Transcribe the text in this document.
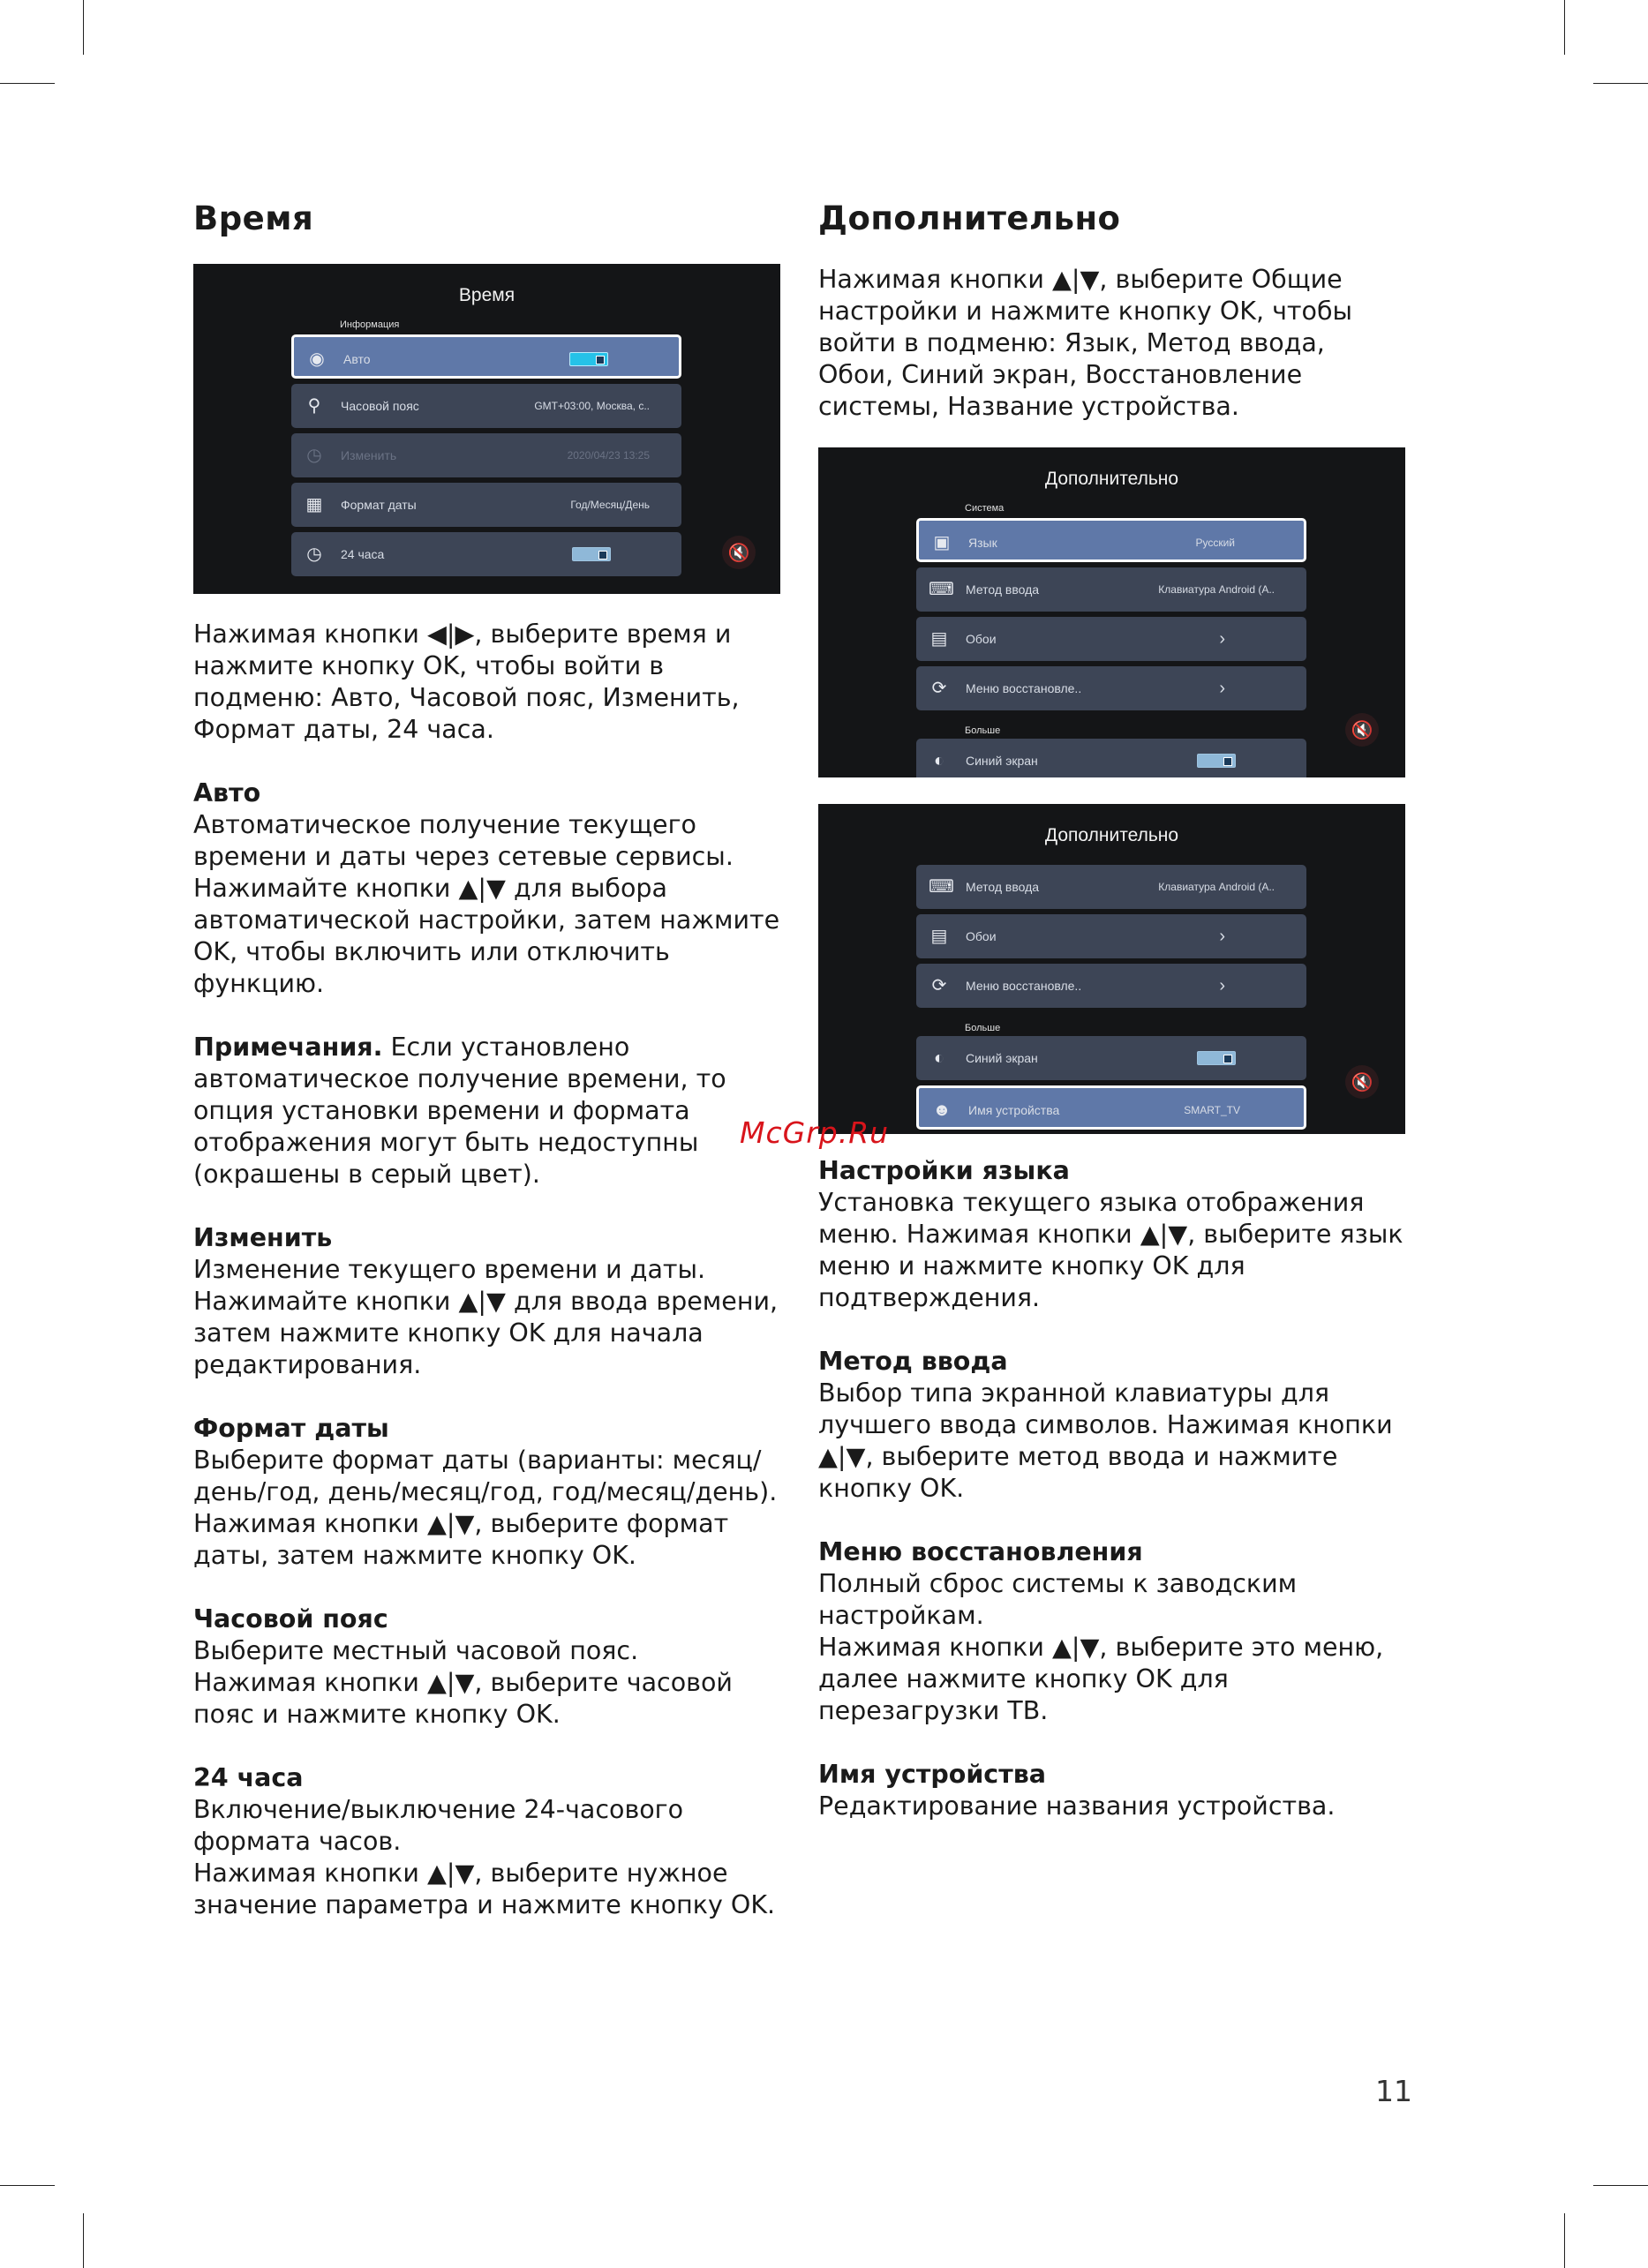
Время
Время
Информация
◉ Авто
⚲	Часовой пояс	GMT+03:00, Москва, с..
◷ Изменить	2020/04/23 13:25
▦ Формат даты	Год/Месяц/День
◷ 24 часа	🔇

Нажимая кнопки ◀|▶, выберите время и нажмите кнопку OK, чтобы войти в подменю: Авто, Часовой пояс, Изменить, Формат даты, 24 часа.

Авто

Автоматическое получение текущего времени и даты через сетевые сервисы. Нажимайте кнопки ▲|▼ для выбора автоматической настройки, затем нажмите OK, чтобы включить или отключить функцию.

Примечания. Если установлено автоматическое получение времени, то опция установки времени и формата отображения могут быть недоступны (окрашены в серый цвет).

Изменить

Изменение текущего времени и даты. Нажимайте кнопки ▲|▼ для ввода времени, затем нажмите кнопку OK для начала редактирования.

Формат даты

Выберите формат даты (варианты: месяц/день/год, день/месяц/год, год/месяц/день).

Нажимая кнопки ▲|▼, выберите формат даты, затем нажмите кнопку OK.

Часовой пояс

Выберите местный часовой пояс.

Нажимая кнопки ▲|▼, выберите часовой пояс и нажмите кнопку OK.

24 часа

Включение/выключение 24-часового формата часов.

Нажимая кнопки ▲|▼, выберите нужное значение параметра и нажмите кнопку OK.

Дополнительно

Нажимая кнопки ▲|▼, выберите Общие настройки и нажмите кнопку OK, чтобы войти в подменю: Язык, Метод ввода, Обои, Синий экран, Восстановление системы, Название устройства.

Дополнительно
Система
▣ Язык	Русский
⌨ Метод ввода	Клавиатура Android (А..
▤ Обои	›
⟳ Меню восстановле..	›
Больше
◐	Синий экран
🔇
Дополнительно
⌨ Метод ввода	Клавиатура Android (А..
▤ Обои	›
⟳ Меню восстановле..	›
Больше
◐	Синий экран
☻ Имя устройства	SMART_TV
🔇
Настройки языка

Установка текущего языка отображения меню. Нажимая кнопки ▲|▼, выберите язык меню и нажмите кнопку OK для подтверждения.

Метод ввода

Выбор типа экранной клавиатуры для лучшего ввода символов. Нажимая кнопки ▲|▼, выберите метод ввода и нажмите кнопку OK.

Меню восстановления

Полный сброс системы к заводским настройкам.

Нажимая кнопки ▲|▼, выберите это меню, далее нажмите кнопку OK для перезагрузки ТВ.

Имя устройства

Редактирование названия устройства.

McGrp.Ru
11
